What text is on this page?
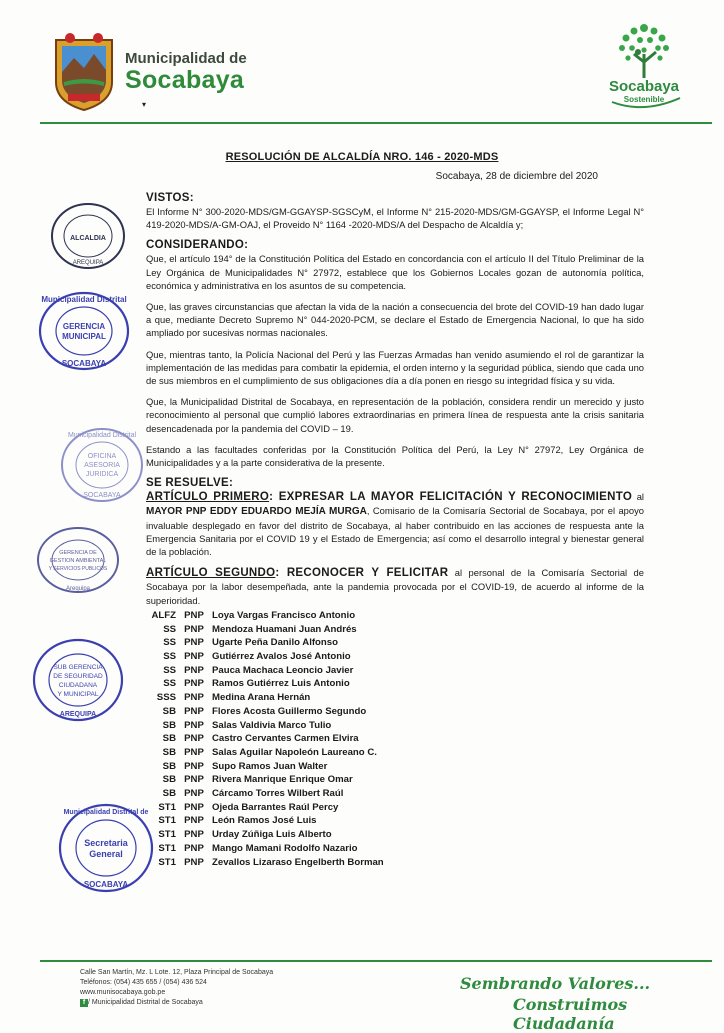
Municipalidad de
Socabaya
▾
Socabaya
Sostenible
RESOLUCIÓN DE ALCALDÍA NRO. 146 - 2020-MDS
Socabaya, 28 de diciembre del 2020
ALCALDIA
AREQUIPA
GERENCIA
MUNICIPAL
Municipalidad Distrital
SOCABAYA
Municipalidad Distrital
OFICINA
ASESORIA
JURIDICA
SOCABAYA
GERENCIA DE
GESTION AMBIENTAL
Y SERVICIOS PUBLICOS
Arequipa
SUB GERENCIA
DE SEGURIDAD
CIUDADANA
Y MUNICIPAL
AREQUIPA
Municipalidad Distrital de
Secretaria
General
SOCABAYA

VISTOS:

El Informe N° 300-2020-MDS/GM-GGAYSP-SGSCyM, el Informe N° 215-2020-MDS/GM-GGAYSP, el Informe Legal N° 419-2020-MDS/A-GM-OAJ, el Proveido N° 1164 -2020-MDS/A del Despacho de Alcaldía y;

CONSIDERANDO:

Que, el artículo 194° de la Constitución Política del Estado en concordancia con el artículo II del Título Preliminar de la Ley Orgánica de Municipalidades N° 27972, establece que los Gobiernos Locales gozan de autonomía política, económica y administrativa en los asuntos de su competencia.

Que, las graves circunstancias que afectan la vida de la nación a consecuencia del brote del COVID-19 han dado lugar a que, mediante Decreto Supremo N° 044-2020-PCM, se declare el Estado de Emergencia Nacional, lo que ha sido ampliado por sucesivas normas nacionales.

Que, mientras tanto, la Policía Nacional del Perú y las Fuerzas Armadas han venido asumiendo el rol de garantizar la implementación de las medidas para combatir la epidemia, el orden interno y la seguridad pública, siendo que cada uno de sus miembros en el cumplimiento de sus obligaciones día a día ponen en riesgo su integridad física y su vida.

Que, la Municipalidad Distrital de Socabaya, en representación de la población, considera rendir un merecido y justo reconocimiento al personal que cumplió labores extraordinarias en primera línea de respuesta ante la crisis sanitaria desencadenada por la pandemia del COVID – 19.

Estando a las facultades conferidas por la Constitución Política del Perú, la Ley N° 27972, Ley Orgánica de Municipalidades y a la parte considerativa de la presente.

SE RESUELVE:

ARTÍCULO PRIMERO: EXPRESAR LA MAYOR FELICITACIÓN Y RECONOCIMIENTO al MAYOR PNP EDDY EDUARDO MEJÍA MURGA, Comisario de la Comisaría Sectorial de Socabaya, por el apoyo invaluable desplegado en favor del distrito de Socabaya, al haber contribuido en las acciones de respuesta ante la Emergencia Sanitaria por el COVID 19 y el Estado de Emergencia; así como el desarrollo integral y bienestar general de la población.

ARTÍCULO SEGUNDO: RECONOCER Y FELICITAR al personal de la Comisaría Sectorial de Socabaya por la labor desempeñada, ante la pandemia provocada por el COVID-19, de acuerdo al informe de la superioridad.

ALFZ PNP Loya Vargas Francisco Antonio
SS PNP Mendoza Huamani Juan Andrés
SS PNP Ugarte Peña Danilo Alfonso
SS PNP Gutiérrez Avalos José Antonio
SS PNP Pauca Machaca Leoncio Javier
SS PNP Ramos Gutiérrez Luis Antonio
SSS PNP Medina Arana Hernán
SB PNP Flores Acosta Guillermo Segundo
SB PNP Salas Valdivia Marco Tulio
SB PNP Castro Cervantes Carmen Elvira
SB PNP Salas Aguilar Napoleón Laureano C.
SB PNP Supo Ramos Juan Walter
SB PNP Rivera Manrique Enrique Omar
SB PNP Cárcamo Torres Wilbert Raúl
ST1 PNP Ojeda Barrantes Raúl Percy
ST1 PNP León Ramos José Luis
ST1 PNP Urday Zúñiga Luis Alberto
ST1 PNP Mango Mamani Rodolfo Nazario
ST1 PNP Zevallos Lizaraso Engelberth Borman
Calle San Martín, Mz. L Lote. 12, Plaza Principal de Socabaya
Teléfonos: (054) 435 655 / (054) 436 524
www.munisocabaya.gob.pe
f / Municipalidad Distrital de Socabaya
Sembrando Valores...
Construimos Ciudadanía
